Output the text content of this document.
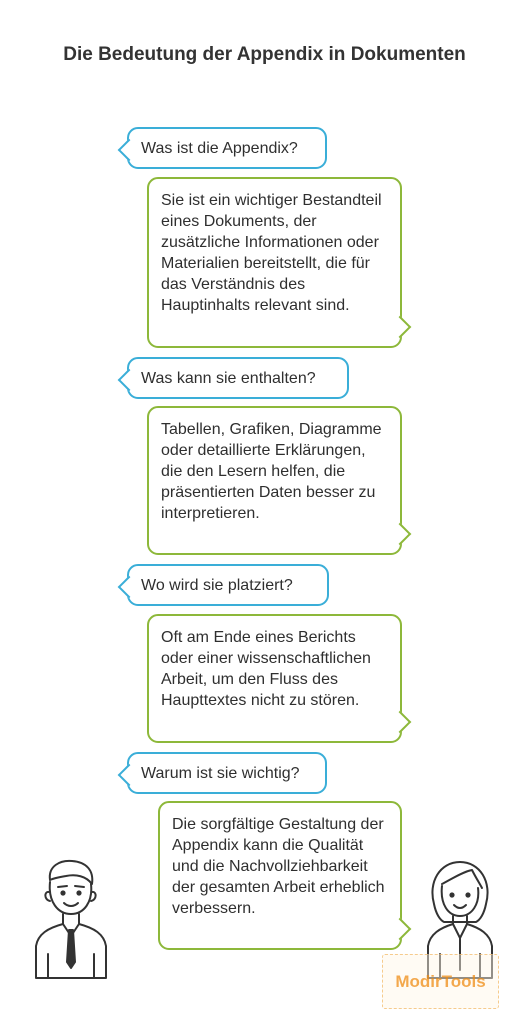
Die Bedeutung der Appendix in Dokumenten
Was ist die Appendix?
Sie ist ein wichtiger Bestandteil eines Dokuments, der zusätzliche Informationen oder Materialien bereitstellt, die für das Verständnis des Hauptinhalts relevant sind.
Was kann sie enthalten?
Tabellen, Grafiken, Diagramme oder detaillierte Erklärungen, die den Lesern helfen, die präsentierten Daten besser zu interpretieren.
Wo wird sie platziert?
Oft am Ende eines Berichts oder einer wissenschaftlichen Arbeit, um den Fluss des Haupttextes nicht zu stören.
Warum ist sie wichtig?
Die sorgfältige Gestaltung der Appendix kann die Qualität und die Nachvollziehbarkeit der gesamten Arbeit erheblich verbessern.
ModirTools
